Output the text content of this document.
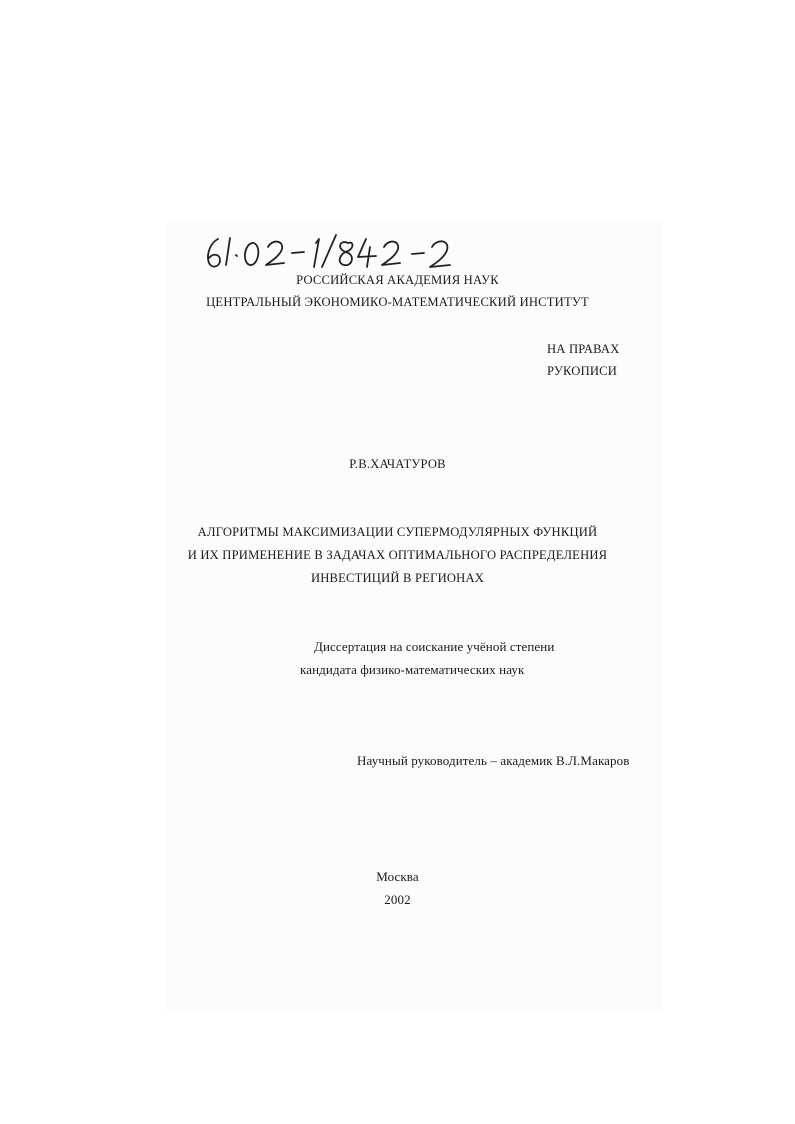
РОССИЙСКАЯ АКАДЕМИЯ НАУК
ЦЕНТРАЛЬНЫЙ ЭКОНОМИКО-МАТЕМАТИЧЕСКИЙ ИНСТИТУТ
НА ПРАВАХ
РУКОПИСИ
Р.В.ХАЧАТУРОВ
АЛГОРИТМЫ МАКСИМИЗАЦИИ СУПЕРМОДУЛЯРНЫХ ФУНКЦИЙ
И ИХ ПРИМЕНЕНИЕ В ЗАДАЧАХ ОПТИМАЛЬНОГО РАСПРЕДЕЛЕНИЯ
ИНВЕСТИЦИЙ В РЕГИОНАХ
Диссертация на соискание учёной степени
кандидата физико-математических наук
Научный руководитель – академик В.Л.Макаров
Москва
2002
